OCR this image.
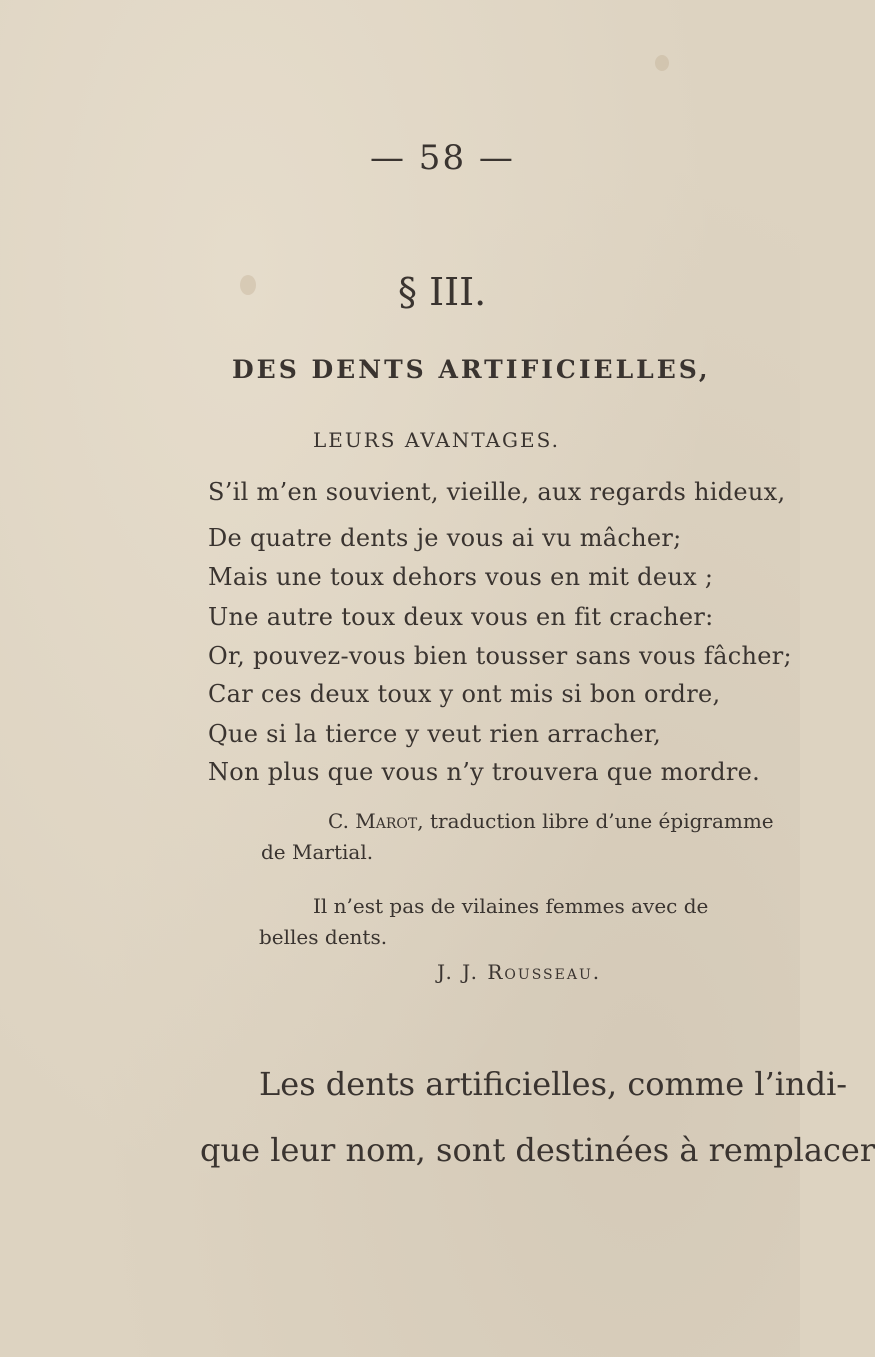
— 58 —

§ III.

DES DENTS ARTIFICIELLES,

LEURS AVANTAGES.

S’il m’en souvient, vieille, aux regards hideux,

De quatre dents je vous ai vu mâcher;

Mais une toux dehors vous en mit deux ;

Une autre toux deux vous en fit cracher:

Or, pouvez-vous bien tousser sans vous fâcher;

Car ces deux toux y ont mis si bon ordre,

Que si la tierce y veut rien arracher,

Non plus que vous n’y trouvera que mordre.

C. Marot, traduction libre d’une épigramme

de Martial.

Il n’est pas de vilaines femmes avec de

belles dents.

J. J. Rousseau.

Les dents artificielles, comme l’indi-

que leur nom, sont destinées à remplacer
